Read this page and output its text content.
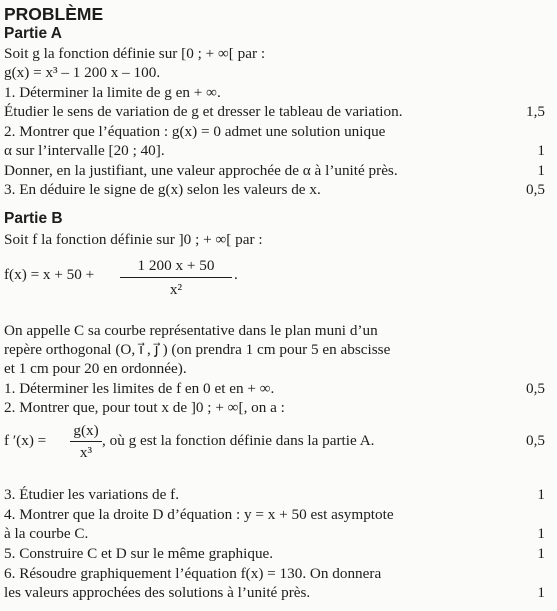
PROBLÈME
Partie A
Soit g la fonction définie sur [0 ; + ∞[ par :
g(x) = x³ – 1 200 x – 100.
1. Déterminer la limite de g en + ∞.
Étudier le sens de variation de g et dresser le tableau de variation.	1,5
2. Montrer que l’équation : g(x) = 0 admet une solution unique
α sur l’intervalle [20 ; 40].	1
Donner, en la justifiant, une valeur approchée de α à l’unité près.	1
3. En déduire le signe de g(x) selon les valeurs de x.	0,5
Partie B
Soit f la fonction définie sur ]0 ; + ∞[ par :
f(x) = x + 50 +
1 200 x + 50
x²
.
On appelle C sa courbe représentative dans le plan muni d’un
repère orthogonal (O, i⃗ , j⃗ ) (on prendra 1 cm pour 5 en abscisse
et 1 cm pour 20 en ordonnée).
1. Déterminer les limites de f en 0 et en + ∞.	0,5
2. Montrer que, pour tout x de ]0 ; + ∞[, on a :
f ′(x) =
g(x)
x³
, où g est la fonction définie dans la partie A.	0,5
3. Étudier les variations de f.	1
4. Montrer que la droite D d’équation : y = x + 50 est asymptote
à la courbe C.	1
5. Construire C et D sur le même graphique.	1
6. Résoudre graphiquement l’équation f(x) = 130. On donnera
les valeurs approchées des solutions à l’unité près.	1
